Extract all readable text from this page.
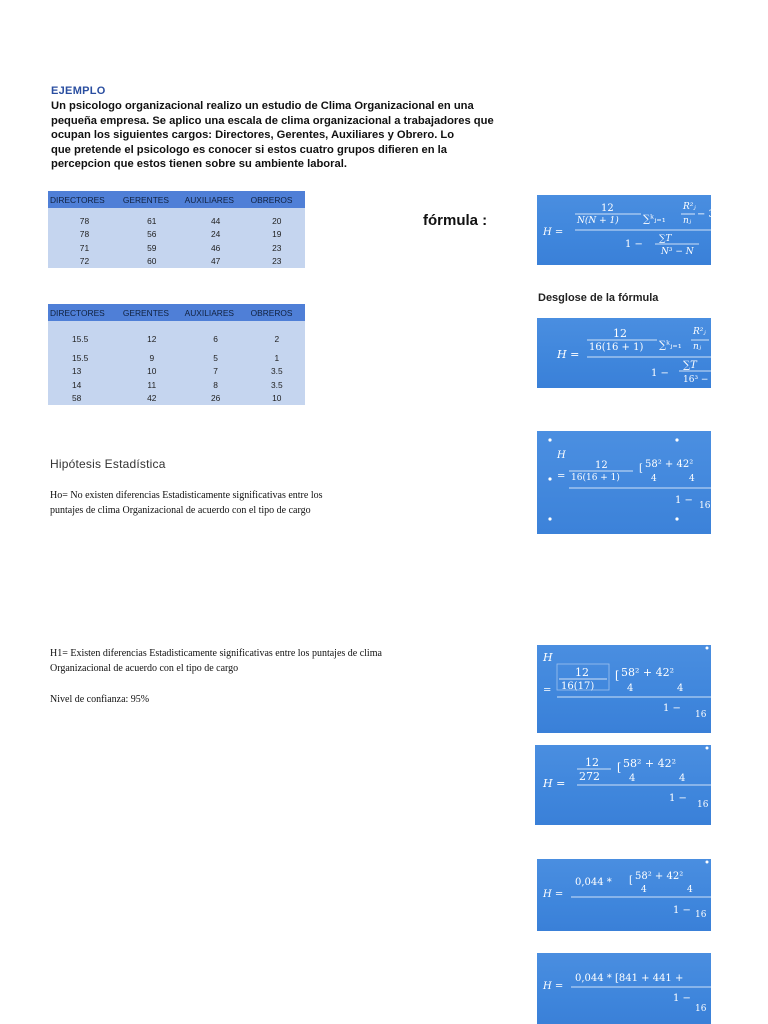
EJEMPLO
Un psicologo organizacional realizo un estudio de Clima Organizacional en una
pequeña empresa. Se aplico una escala de clima organizacional a trabajadores que
ocupan los siguientes cargos: Directores, Gerentes, Auxiliares y Obrero. Lo
que pretende el psicologo es conocer si estos cuatro grupos difieren en la
percepcion que estos tienen sobre su ambiente laboral.
DIRECTORES	GERENTES	AUXILIARES	OBREROS

78	61	44	20
78	56	24	19
71	59	46	23
72	60	47	23
DIRECTORES	GERENTES	AUXILIARES	OBREROS

15.5	12	6	2

15.5	9	5	1
13	10	7	3.5
14	11	8	3.5
58	42	26	10
fórmula :
Desglose de la fórmula
Hipótesis Estadística
Ho= No existen diferencias Estadisticamente significativas entre los
puntajes de clima Organizacional de acuerdo con el tipo de cargo
H1= Existen diferencias Estadisticamente significativas entre los puntajes de clima
Organizacional de acuerdo con el tipo de cargo
Nivel de confianza: 95%
H =
12
N(N + 1) ∑ᵏⱼ₌₁
R²ⱼ
nⱼ
− 3(
1 − ∑T
N³ − N
H =
12
16(16 + 1) ∑ᵏⱼ₌₁
R²ⱼ
nⱼ
1 −
∑T
16³ −
H
=
12
16(16 + 1)
[ 58² + 42²
4	4
1 − 16
H
=
12
16(17)
[ 58² + 42²
4	4
1 −
16
H =
12
272
[ 58² + 42²
4	4
1 −
16
H =
0,044 * [ 58² + 42²
4	4
1 − 16
H =
0,044 * [841 + 441 +
1 −
16
